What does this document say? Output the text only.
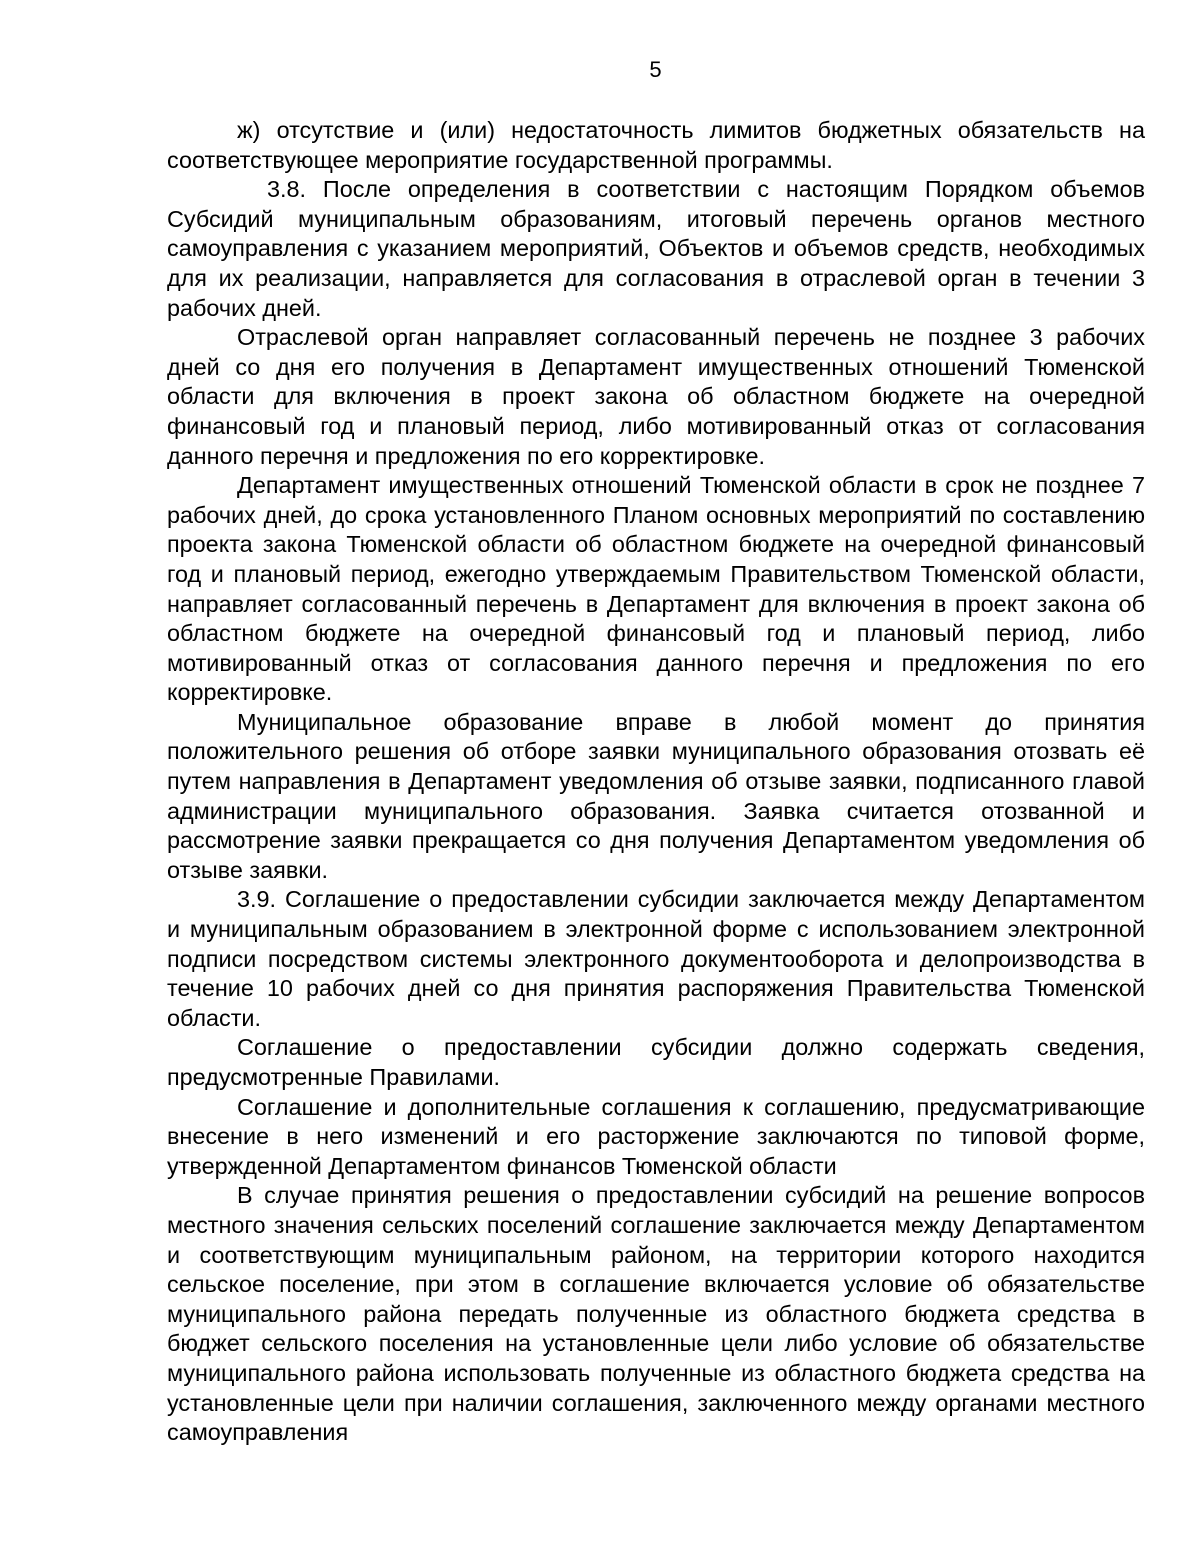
5

ж) отсутствие и (или) недостаточность лимитов бюджетных обязательств на соответствующее мероприятие государственной программы.

3.8. После определения в соответствии с настоящим Порядком объемов Субсидий муниципальным образованиям, итоговый перечень органов местного самоуправления с указанием мероприятий, Объектов и объемов средств, необходимых для их реализации, направляется для согласования в отраслевой орган в течении 3 рабочих дней.

Отраслевой орган направляет согласованный перечень не позднее 3 рабочих дней со дня его получения в Департамент имущественных отношений Тюменской области для включения в проект закона об областном бюджете на очередной финансовый год и плановый период, либо мотивированный отказ от согласования данного перечня и предложения по его корректировке.

Департамент имущественных отношений Тюменской области в срок не позднее 7 рабочих дней, до срока установленного Планом основных мероприятий по составлению проекта закона Тюменской области об областном бюджете на очередной финансовый год и плановый период, ежегодно утверждаемым Правительством Тюменской области, направляет согласованный перечень в Департамент для включения в проект закона об областном бюджете на очередной финансовый год и плановый период, либо мотивированный отказ от согласования данного перечня и предложения по его корректировке.

Муниципальное образование вправе в любой момент до принятия положительного решения об отборе заявки муниципального образования отозвать её путем направления в Департамент уведомления об отзыве заявки, подписанного главой администрации муниципального образования. Заявка считается отозванной и рассмотрение заявки прекращается со дня получения Департаментом уведомления об отзыве заявки.

3.9. Соглашение о предоставлении субсидии заключается между Департаментом и муниципальным образованием в электронной форме с использованием электронной подписи посредством системы электронного документооборота и делопроизводства в течение 10 рабочих дней со дня принятия распоряжения Правительства Тюменской области.

Соглашение о предоставлении субсидии должно содержать сведения, предусмотренные Правилами.

Соглашение и дополнительные соглашения к соглашению, предусматривающие внесение в него изменений и его расторжение заключаются по типовой форме, утвержденной Департаментом финансов Тюменской области

В случае принятия решения о предоставлении субсидий на решение вопросов местного значения сельских поселений соглашение заключается между Департаментом и соответствующим муниципальным районом, на территории которого находится сельское поселение, при этом в соглашение включается условие об обязательстве муниципального района передать полученные из областного бюджета средства в бюджет сельского поселения на установленные цели либо условие об обязательстве муниципального района использовать полученные из областного бюджета средства на установленные цели при наличии соглашения, заключенного между органами местного самоуправления
